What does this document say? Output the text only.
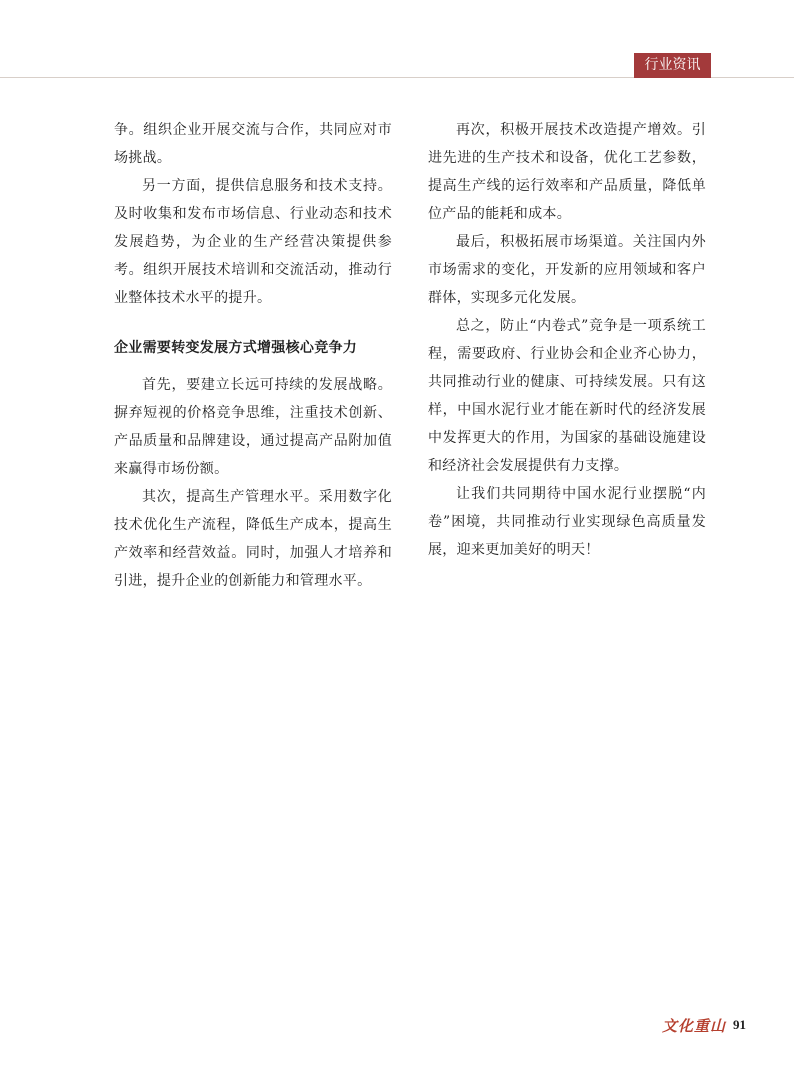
行业资讯

争。组织企业开展交流与合作，共同应对市场挑战。

另一方面，提供信息服务和技术支持。及时收集和发布市场信息、行业动态和技术发展趋势，为企业的生产经营决策提供参考。组织开展技术培训和交流活动，推动行业整体技术水平的提升。

企业需要转变发展方式增强核心竞争力

首先，要建立长远可持续的发展战略。摒弃短视的价格竞争思维，注重技术创新、产品质量和品牌建设，通过提高产品附加值来赢得市场份额。

其次，提高生产管理水平。采用数字化技术优化生产流程，降低生产成本，提高生产效率和经营效益。同时，加强人才培养和引进，提升企业的创新能力和管理水平。

再次，积极开展技术改造提产增效。引进先进的生产技术和设备，优化工艺参数，提高生产线的运行效率和产品质量，降低单位产品的能耗和成本。

最后，积极拓展市场渠道。关注国内外市场需求的变化，开发新的应用领域和客户群体，实现多元化发展。

总之，防止“内卷式”竞争是一项系统工程，需要政府、行业协会和企业齐心协力，共同推动行业的健康、可持续发展。只有这样，中国水泥行业才能在新时代的经济发展中发挥更大的作用，为国家的基础设施建设和经济社会发展提供有力支撑。

让我们共同期待中国水泥行业摆脱“内卷”困境，共同推动行业实现绿色高质量发展，迎来更加美好的明天！

文化重山 91
